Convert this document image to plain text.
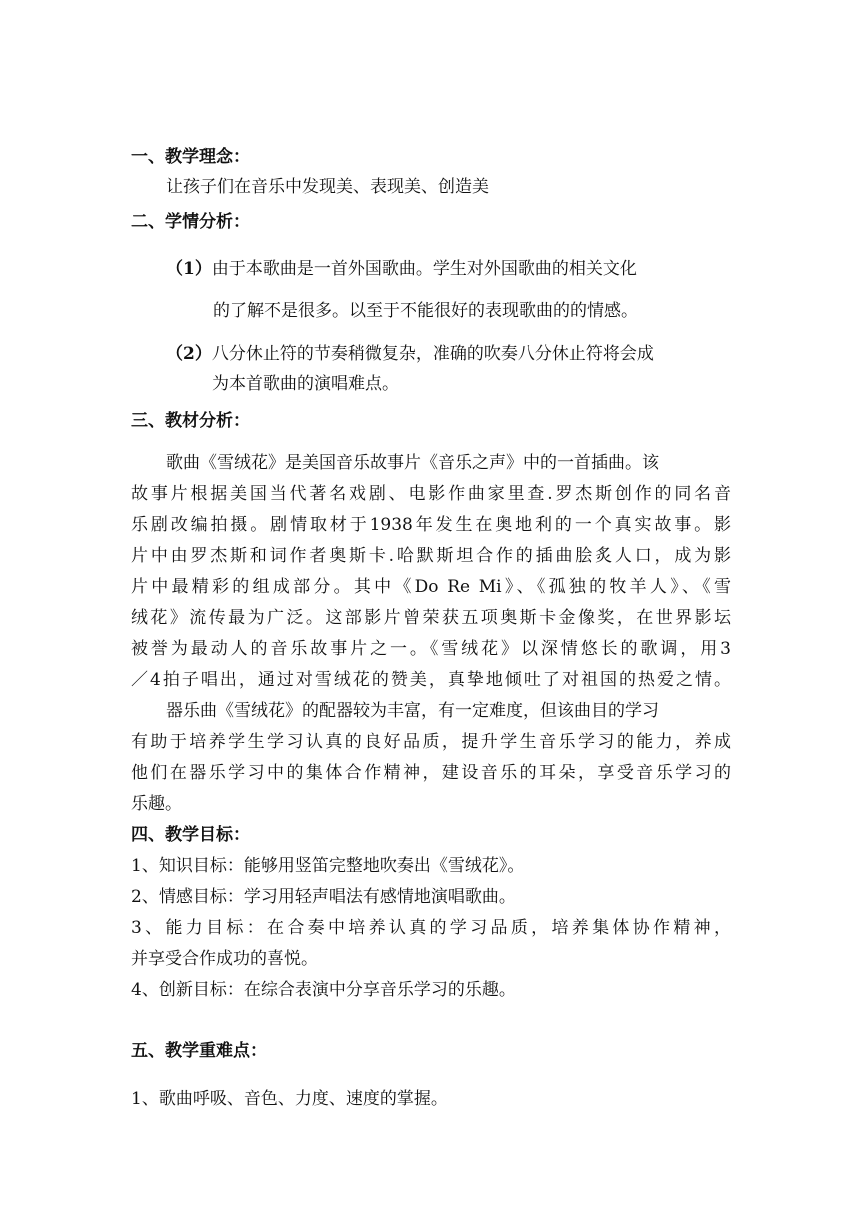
一、教学理念：
让孩子们在音乐中发现美、表现美、创造美
二、学情分析：
（1）由于本歌曲是一首外国歌曲。学生对外国歌曲的相关文化
的了解不是很多。以至于不能很好的表现歌曲的的情感。
（2）八分休止符的节奏稍微复杂，准确的吹奏八分休止符将会成
为本首歌曲的演唱难点。
三、教材分析：
歌曲《雪绒花》是美国音乐故事片《音乐之声》中的一首插曲。该
故事片根据美国当代著名戏剧、电影作曲家里查.罗杰斯创作的同名音
乐剧改编拍摄。剧情取材于1938年发生在奥地利的一个真实故事。影
片中由罗杰斯和词作者奥斯卡.哈默斯坦合作的插曲脍炙人口，成为影
片中最精彩的组成部分。其中《Do Re Mi》、《孤独的牧羊人》、《雪
绒花》流传最为广泛。这部影片曾荣获五项奥斯卡金像奖，在世界影坛
被誉为最动人的音乐故事片之一。《雪绒花》以深情悠长的歌调，用3
／4拍子唱出，通过对雪绒花的赞美，真挚地倾吐了对祖国的热爱之情。
器乐曲《雪绒花》的配器较为丰富，有一定难度，但该曲目的学习
有助于培养学生学习认真的良好品质，提升学生音乐学习的能力，养成
他们在器乐学习中的集体合作精神，建设音乐的耳朵，享受音乐学习的
乐趣。
四、教学目标：
1、知识目标：能够用竖笛完整地吹奏出《雪绒花》。
2、情感目标：学习用轻声唱法有感情地演唱歌曲。
3、能力目标：在合奏中培养认真的学习品质，培养集体协作精神，
并享受合作成功的喜悦。
4、创新目标：在综合表演中分享音乐学习的乐趣。
五、教学重难点：
1、歌曲呼吸、音色、力度、速度的掌握。
